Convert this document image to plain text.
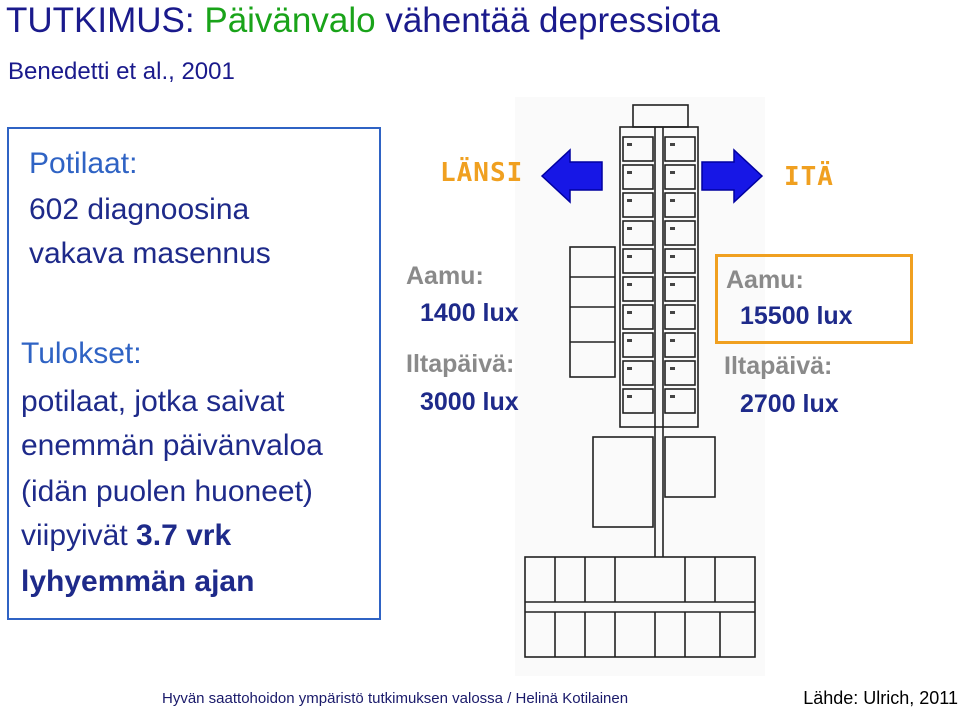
TUTKIMUS: Päivänvalo vähentää depressiota
Benedetti et al., 2001
Potilaat:
602 diagnoosina
vakava masennus
Tulokset:
potilaat, jotka saivat
enemmän päivänvaloa
(idän puolen huoneet)
viipyivät 3.7 vrk
lyhyemmän ajan
LÄNSI	ITÄ
Aamu:
1400 lux
Iltapäivä:
3000 lux
Aamu:
15500 lux
Iltapäivä:
2700 lux
Hyvän saattohoidon ympäristö tutkimuksen valossa / Helinä Kotilainen	Lähde: Ulrich, 2011
